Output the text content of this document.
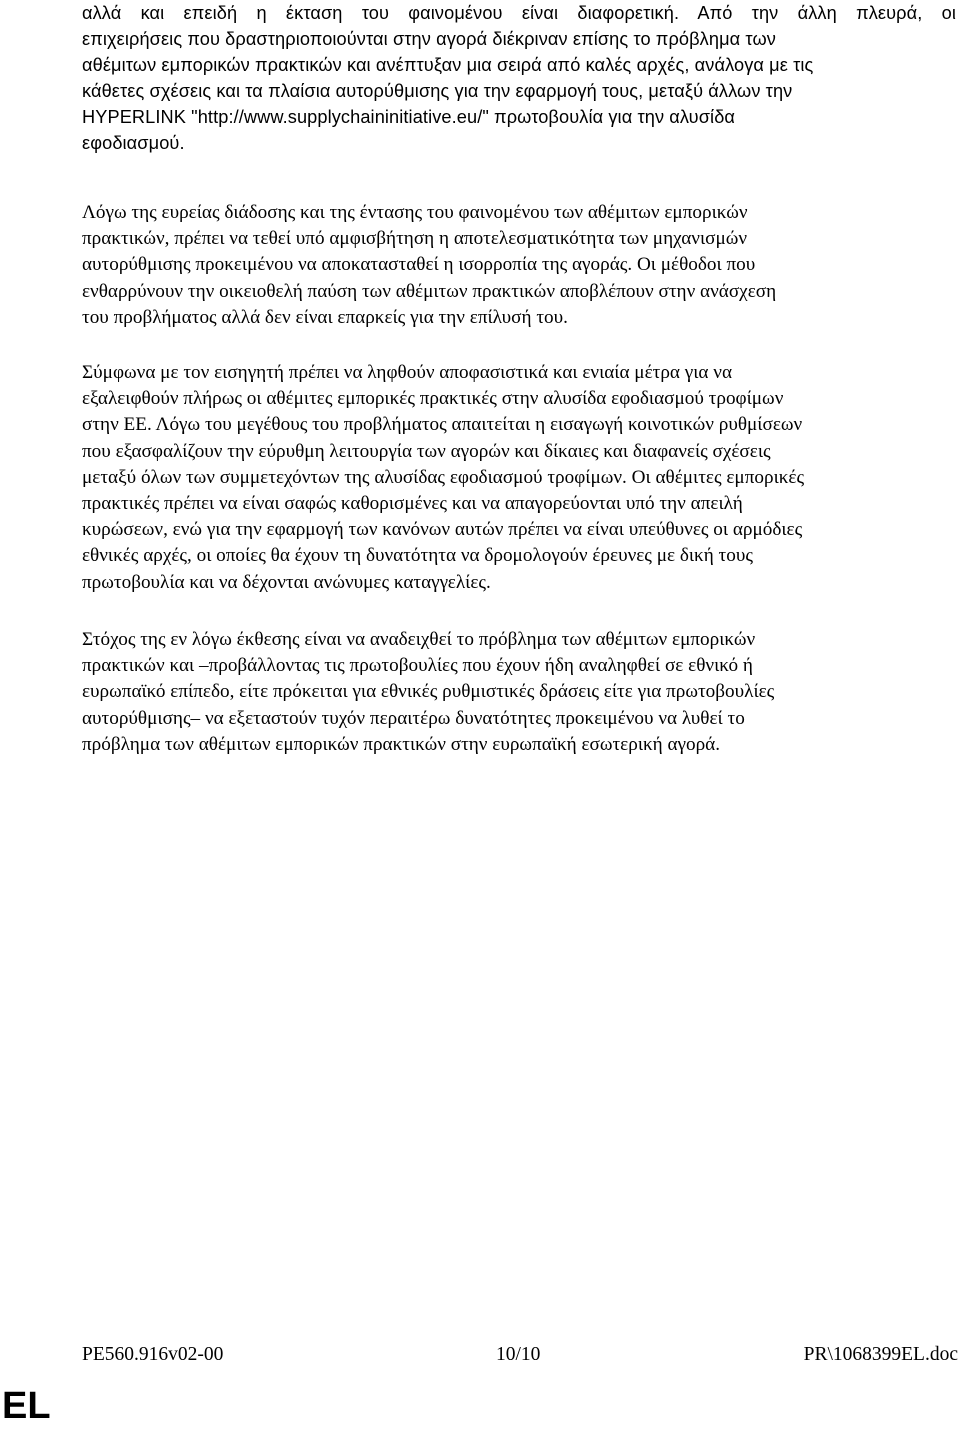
αλλά και επειδή η έκταση του φαινομένου είναι διαφορετική. Από την άλλη πλευρά, οι
επιχειρήσεις που δραστηριοποιούνται στην αγορά διέκριναν επίσης το πρόβλημα των
αθέμιτων εμπορικών πρακτικών και ανέπτυξαν μια σειρά από καλές αρχές, ανάλογα με τις
κάθετες σχέσεις και τα πλαίσια αυτορύθμισης για την εφαρμογή τους, μεταξύ άλλων την
HYPERLINK "http://www.supplychaininitiative.eu/" πρωτοβουλία για την αλυσίδα
εφοδιασμού.
Λόγω της ευρείας διάδοσης και της έντασης του φαινομένου των αθέμιτων εμπορικών
πρακτικών, πρέπει να τεθεί υπό αμφισβήτηση η αποτελεσματικότητα των μηχανισμών
αυτορύθμισης προκειμένου να αποκατασταθεί η ισορροπία της αγοράς. Οι μέθοδοι που
ενθαρρύνουν την οικειοθελή παύση των αθέμιτων πρακτικών αποβλέπουν στην ανάσχεση
του προβλήματος αλλά δεν είναι επαρκείς για την επίλυσή του.
Σύμφωνα με τον εισηγητή πρέπει να ληφθούν αποφασιστικά και ενιαία μέτρα για να
εξαλειφθούν πλήρως οι αθέμιτες εμπορικές πρακτικές στην αλυσίδα εφοδιασμού τροφίμων
στην ΕΕ. Λόγω του μεγέθους του προβλήματος απαιτείται η εισαγωγή κοινοτικών ρυθμίσεων
που εξασφαλίζουν την εύρυθμη λειτουργία των αγορών και δίκαιες και διαφανείς σχέσεις
μεταξύ όλων των συμμετεχόντων της αλυσίδας εφοδιασμού τροφίμων. Οι αθέμιτες εμπορικές
πρακτικές πρέπει να είναι σαφώς καθορισμένες και να απαγορεύονται υπό την απειλή
κυρώσεων, ενώ για την εφαρμογή των κανόνων αυτών πρέπει να είναι υπεύθυνες οι αρμόδιες
εθνικές αρχές, οι οποίες θα έχουν τη δυνατότητα να δρομολογούν έρευνες με δική τους
πρωτοβουλία και να δέχονται ανώνυμες καταγγελίες.
Στόχος της εν λόγω έκθεσης είναι να αναδειχθεί το πρόβλημα των αθέμιτων εμπορικών
πρακτικών και –προβάλλοντας τις πρωτοβουλίες που έχουν ήδη αναληφθεί σε εθνικό ή
ευρωπαϊκό επίπεδο, είτε πρόκειται για εθνικές ρυθμιστικές δράσεις είτε για πρωτοβουλίες
αυτορύθμισης– να εξεταστούν τυχόν περαιτέρω δυνατότητες προκειμένου να λυθεί το
πρόβλημα των αθέμιτων εμπορικών πρακτικών στην ευρωπαϊκή εσωτερική αγορά.
PE560.916v02-00	10/10	PR\1068399EL.doc
EL
